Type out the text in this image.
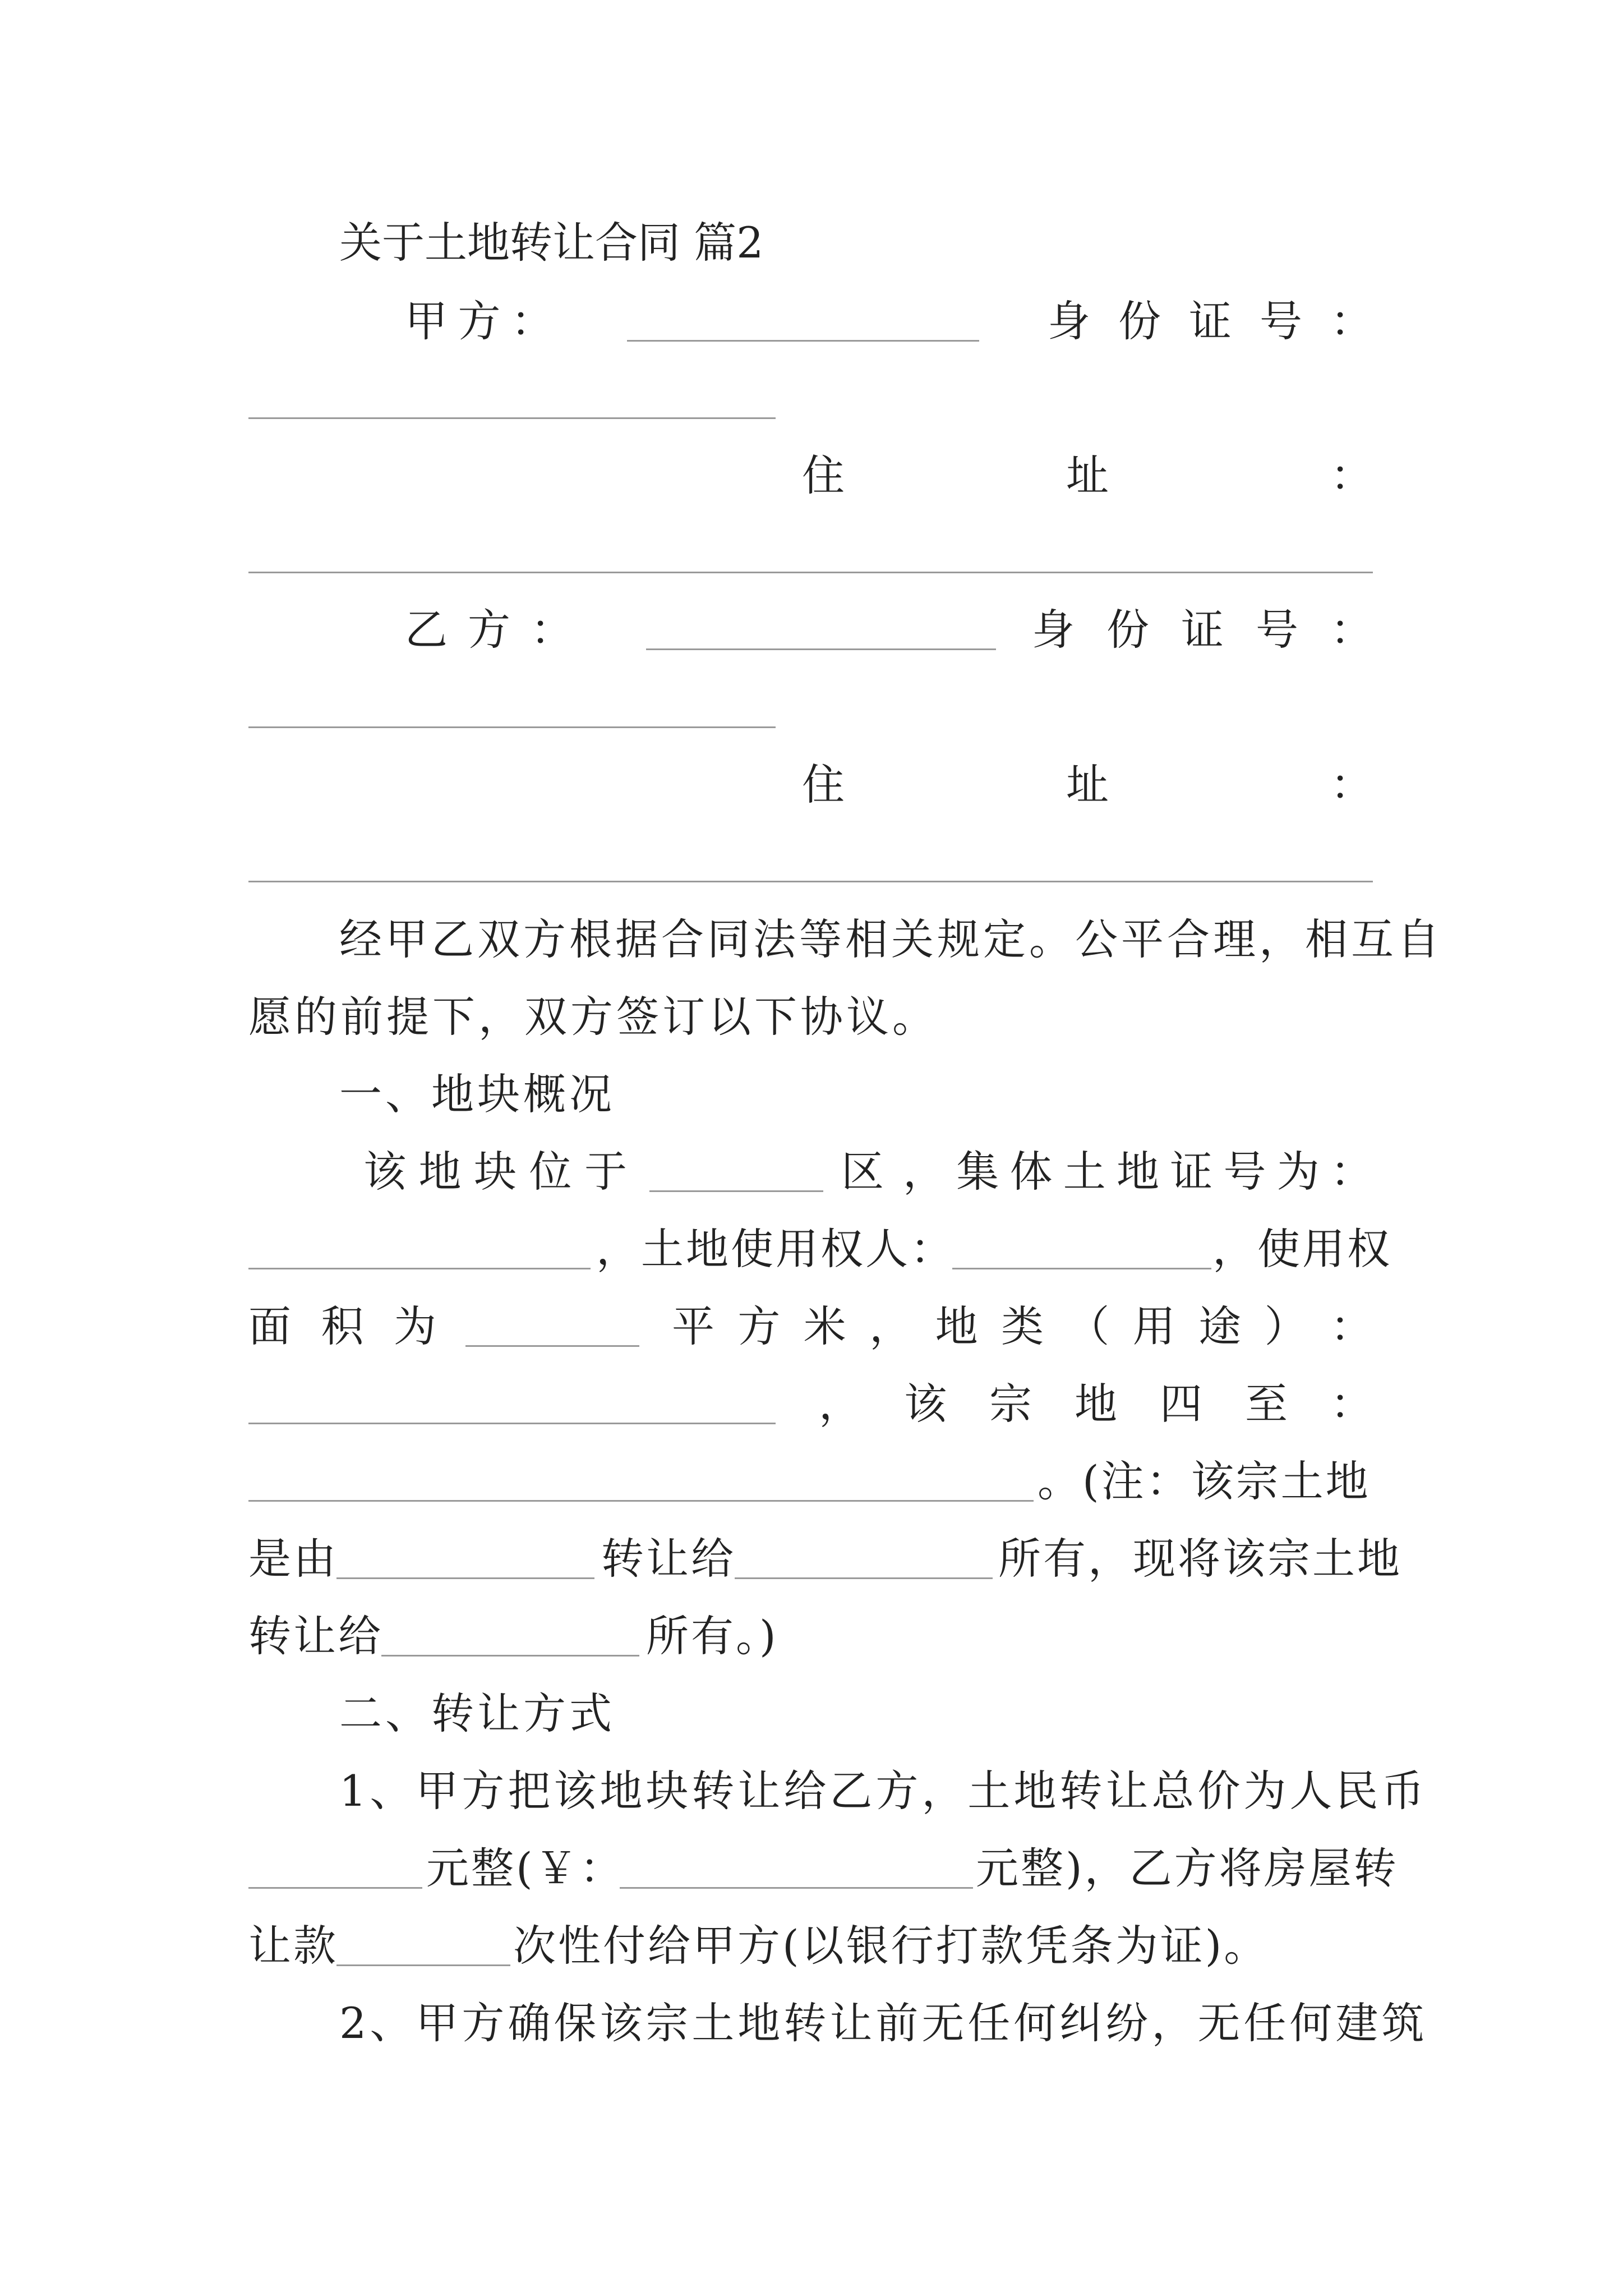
关于土地转让合同 篇2
甲 方 ：	身 份 证 号 ：
住	址	：
乙 方 ：	身 份 证 号 ：
住	址	：
经甲乙双方根据合同法等相关规定。公平合理，相互自
愿的前提下，双方签订以下协议。
一、地块概况
该 地 块 位 于	区 ， 集 体 土 地 证 号 为 ：
，土地使用权人：	，使用权
面 积 为	平 方 米 ， 地 类 （ 用 途 ） ：
， 该 宗 地 四 至 ：
。(注：该宗土地
是由	转让给	所有，现将该宗土地
转让给	所有。)
二、转让方式
1、甲方把该地块转让给乙方，土地转让总价为人民币
元整(￥：	元整)，乙方将房屋转
让款	次性付给甲方(以银行打款凭条为证)。
2、甲方确保该宗土地转让前无任何纠纷，无任何建筑
